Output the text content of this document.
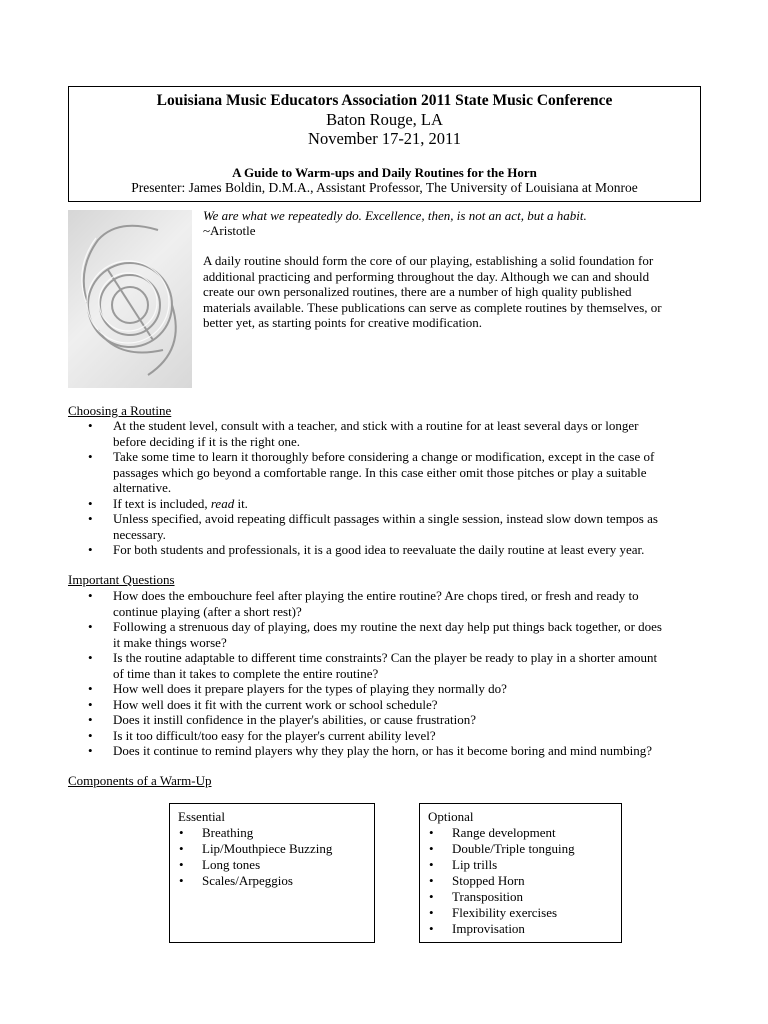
Louisiana Music Educators Association 2011 State Music Conference
Baton Rouge, LA
November 17-21, 2011
A Guide to Warm-ups and Daily Routines for the Horn
Presenter: James Boldin, D.M.A., Assistant Professor, The University of Louisiana at Monroe
We are what we repeatedly do. Excellence, then, is not an act, but a habit.
~Aristotle
A daily routine should form the core of our playing, establishing a solid foundation for
additional practicing and performing throughout the day. Although we can and should
create our own personalized routines, there are a number of high quality published
materials available. These publications can serve as complete routines by themselves, or
better yet, as starting points for creative modification.
Choosing a Routine
• At the student level, consult with a teacher, and stick with a routine for at least several days or longer
before deciding if it is the right one.
• Take some time to learn it thoroughly before considering a change or modification, except in the case of
passages which go beyond a comfortable range. In this case either omit those pitches or play a suitable
alternative.
• If text is included, read it.
• Unless specified, avoid repeating difficult passages within a single session, instead slow down tempos as
necessary.
• For both students and professionals, it is a good idea to reevaluate the daily routine at least every year.
Important Questions
• How does the embouchure feel after playing the entire routine? Are chops tired, or fresh and ready to
continue playing (after a short rest)?
• Following a strenuous day of playing, does my routine the next day help put things back together, or does
it make things worse?
• Is the routine adaptable to different time constraints? Can the player be ready to play in a shorter amount
of time than it takes to complete the entire routine?
• How well does it prepare players for the types of playing they normally do?
• How well does it fit with the current work or school schedule?
• Does it instill confidence in the player's abilities, or cause frustration?
• Is it too difficult/too easy for the player's current ability level?
• Does it continue to remind players why they play the horn, or has it become boring and mind numbing?
Components of a Warm-Up
Essential
• Breathing
• Lip/Mouthpiece Buzzing
• Long tones
• Scales/Arpeggios
Optional
• Range development
• Double/Triple tonguing
• Lip trills
• Stopped Horn
• Transposition
• Flexibility exercises
• Improvisation
